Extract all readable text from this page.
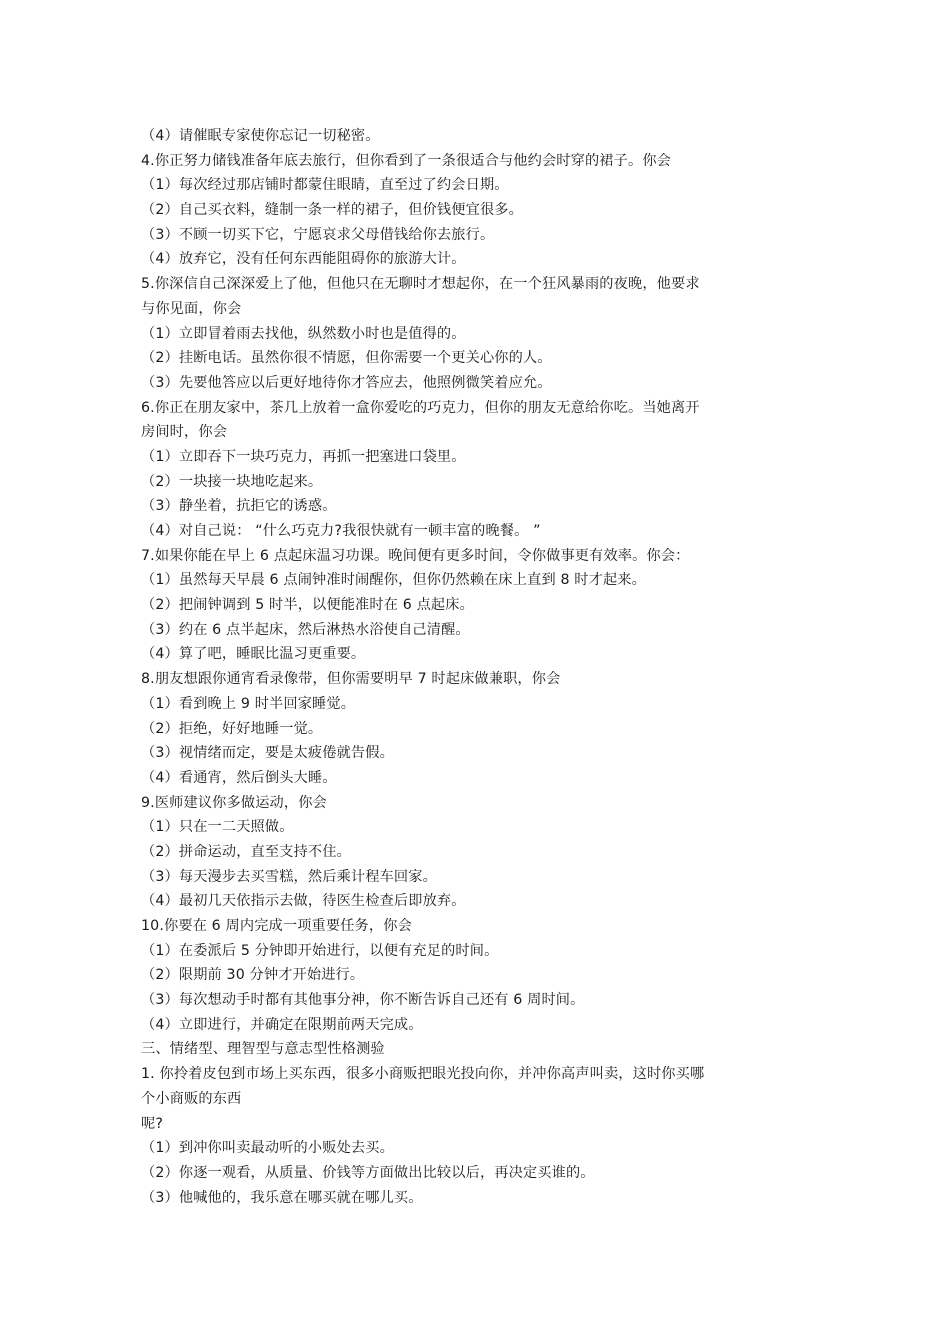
（4）请催眠专家使你忘记一切秘密。
4.你正努力储钱准备年底去旅行，但你看到了一条很适合与他约会时穿的裙子。你会
（1）每次经过那店铺时都蒙住眼睛，直至过了约会日期。
（2）自己买衣料，缝制一条一样的裙子，但价钱便宜很多。
（3）不顾一切买下它，宁愿哀求父母借钱给你去旅行。
（4）放弃它，没有任何东西能阻碍你的旅游大计。
5.你深信自己深深爱上了他，但他只在无聊时才想起你，在一个狂风暴雨的夜晚，他要求
与你见面，你会
（1）立即冒着雨去找他，纵然数小时也是值得的。
（2）挂断电话。虽然你很不情愿，但你需要一个更关心你的人。
（3）先要他答应以后更好地待你才答应去，他照例微笑着应允。
6.你正在朋友家中，茶几上放着一盒你爱吃的巧克力，但你的朋友无意给你吃。当她离开
房间时，你会
（1）立即吞下一块巧克力，再抓一把塞进口袋里。
（2）一块接一块地吃起来。
（3）静坐着，抗拒它的诱惑。
（4）对自己说： “什么巧克力?我很快就有一顿丰富的晚餐。 ”
7.如果你能在早上 6 点起床温习功课。晚间便有更多时间，令你做事更有效率。你会：
（1）虽然每天早晨 6 点闹钟准时闹醒你，但你仍然赖在床上直到 8 时才起来。
（2）把闹钟调到 5 时半，以便能准时在 6 点起床。
（3）约在 6 点半起床，然后淋热水浴使自己清醒。
（4）算了吧，睡眠比温习更重要。
8.朋友想跟你通宵看录像带，但你需要明早 7 时起床做兼职，你会
（1）看到晚上 9 时半回家睡觉。
（2）拒绝，好好地睡一觉。
（3）视情绪而定，要是太疲倦就告假。
（4）看通宵，然后倒头大睡。
9.医师建议你多做运动，你会
（1）只在一二天照做。
（2）拼命运动，直至支持不住。
（3）每天漫步去买雪糕，然后乘计程车回家。
（4）最初几天依指示去做，待医生检查后即放弃。
10.你要在 6 周内完成一项重要任务，你会
（1）在委派后 5 分钟即开始进行，以便有充足的时间。
（2）限期前 30 分钟才开始进行。
（3）每次想动手时都有其他事分神，你不断告诉自己还有 6 周时间。
（4）立即进行，并确定在限期前两天完成。
三、情绪型、理智型与意志型性格测验
1. 你拎着皮包到市场上买东西，很多小商贩把眼光投向你，并冲你高声叫卖，这时你买哪
个小商贩的东西
呢?
（1）到冲你叫卖最动听的小贩处去买。
（2）你逐一观看，从质量、价钱等方面做出比较以后，再决定买谁的。
（3）他喊他的，我乐意在哪买就在哪儿买。
